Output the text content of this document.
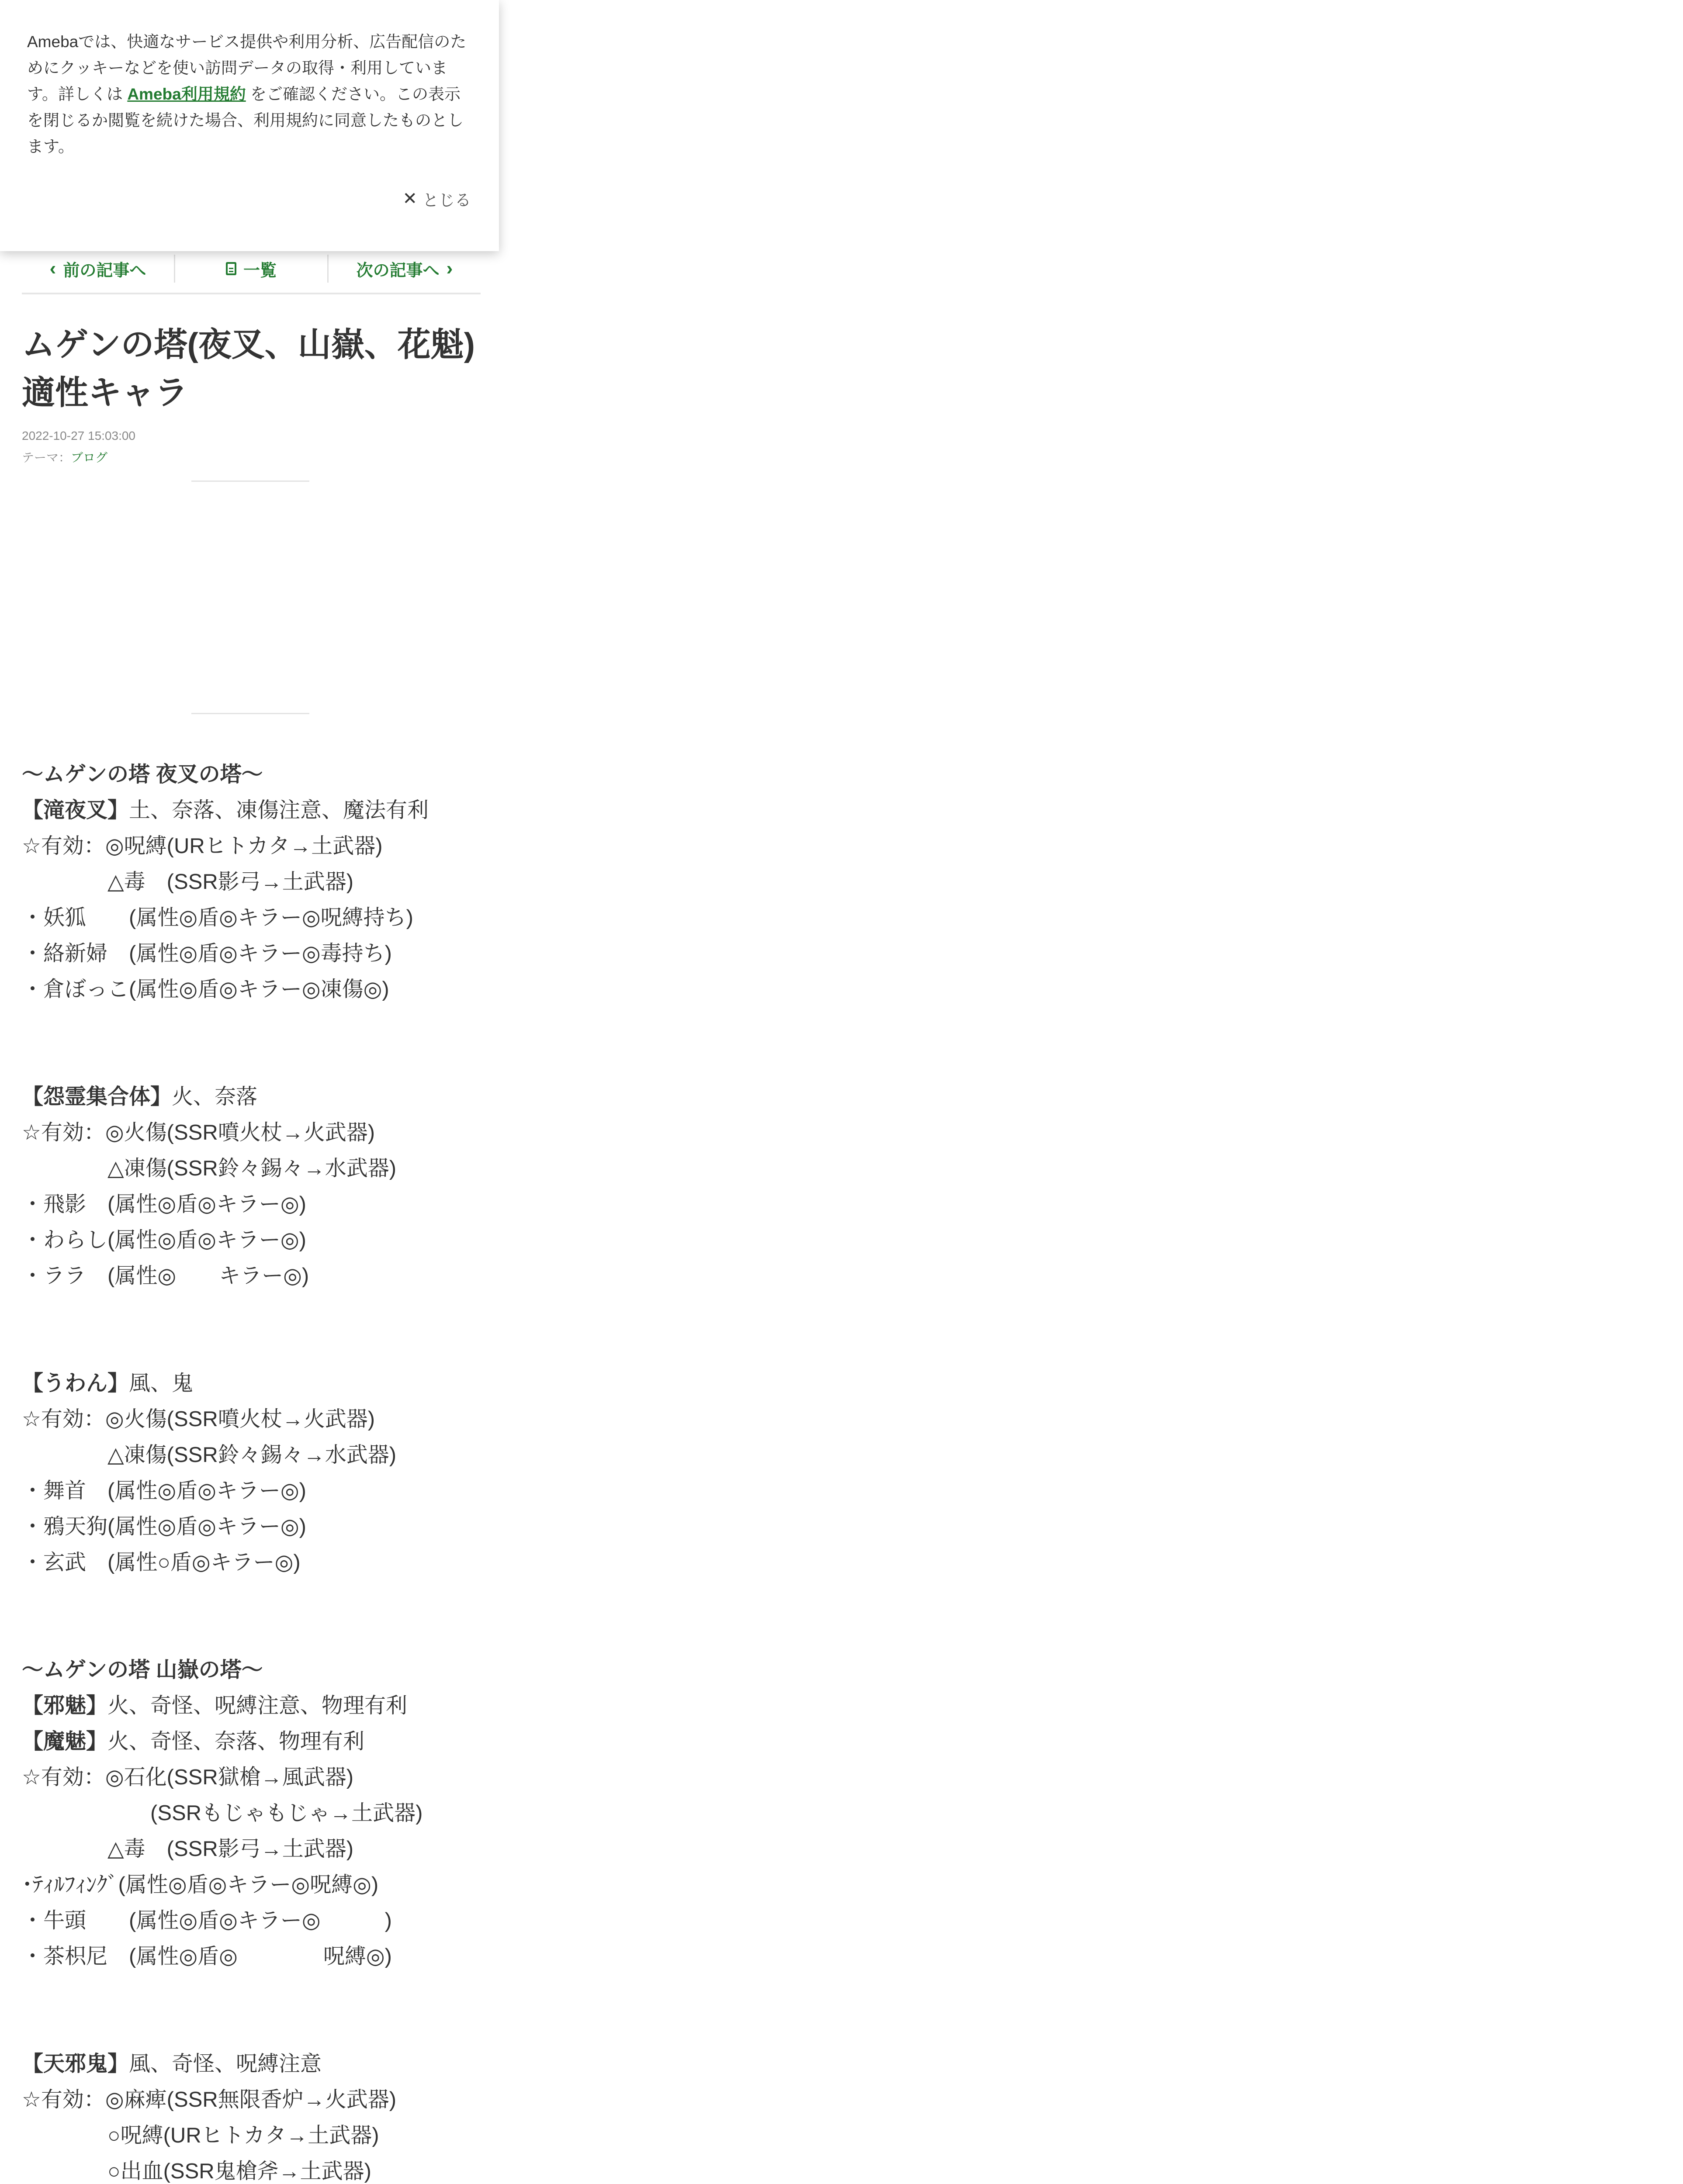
Amebaでは、快適なサービス提供や利用分析、広告配信のためにクッキーなどを使い訪問データの取得・利用しています。詳しくは Ameba利用規約 をご確認ください。この表示を閉じるか閲覧を続けた場合、利用規約に同意したものとします。
✕ とじる
‹ 前の記事へ	一覧	次の記事へ ›
ムゲンの塔(夜叉、山嶽、花魁)適性キャラ
2022-10-27 15:03:00
テーマ：ブログ
～ムゲンの塔 夜叉の塔～
【滝夜叉】土、奈落、凍傷注意、魔法有利
☆有効：◎呪縛(URヒトカタ→土武器)
　　　　△毒　(SSR影弓→土武器)
・妖狐　　(属性◎盾◎キラー◎呪縛持ち)
・絡新婦　(属性◎盾◎キラー◎毒持ち)
・倉ぼっこ(属性◎盾◎キラー◎凍傷◎)
【怨霊集合体】火、奈落
☆有効：◎火傷(SSR噴火杖→火武器)
　　　　△凍傷(SSR鈴々錫々→水武器)
・飛影　(属性◎盾◎キラー◎)
・わらし(属性◎盾◎キラー◎)
・ララ　(属性◎　　キラー◎)
【うわん】風、鬼
☆有効：◎火傷(SSR噴火杖→火武器)
　　　　△凍傷(SSR鈴々錫々→水武器)
・舞首　(属性◎盾◎キラー◎)
・鴉天狗(属性◎盾◎キラー◎)
・玄武　(属性○盾◎キラー◎)
～ムゲンの塔 山嶽の塔～
【邪魅】火、奇怪、呪縛注意、物理有利
【魔魅】火、奇怪、奈落、物理有利
☆有効：◎石化(SSR獄槍→風武器)
　　　　　　(SSRもじゃもじゃ→土武器)
　　　　△毒　(SSR影弓→土武器)
･ﾃｨﾙﾌｨﾝｸﾞ(属性◎盾◎キラー◎呪縛◎)
・牛頭　　(属性◎盾◎キラー◎　　　)
・茶枳尼　(属性◎盾◎　　　　呪縛◎)
【天邪鬼】風、奇怪、呪縛注意
☆有効：◎麻痺(SSR無限香炉→火武器)
　　　　○呪縛(URヒトカタ→土武器)
　　　　○出血(SSR鬼槍斧→土武器)
